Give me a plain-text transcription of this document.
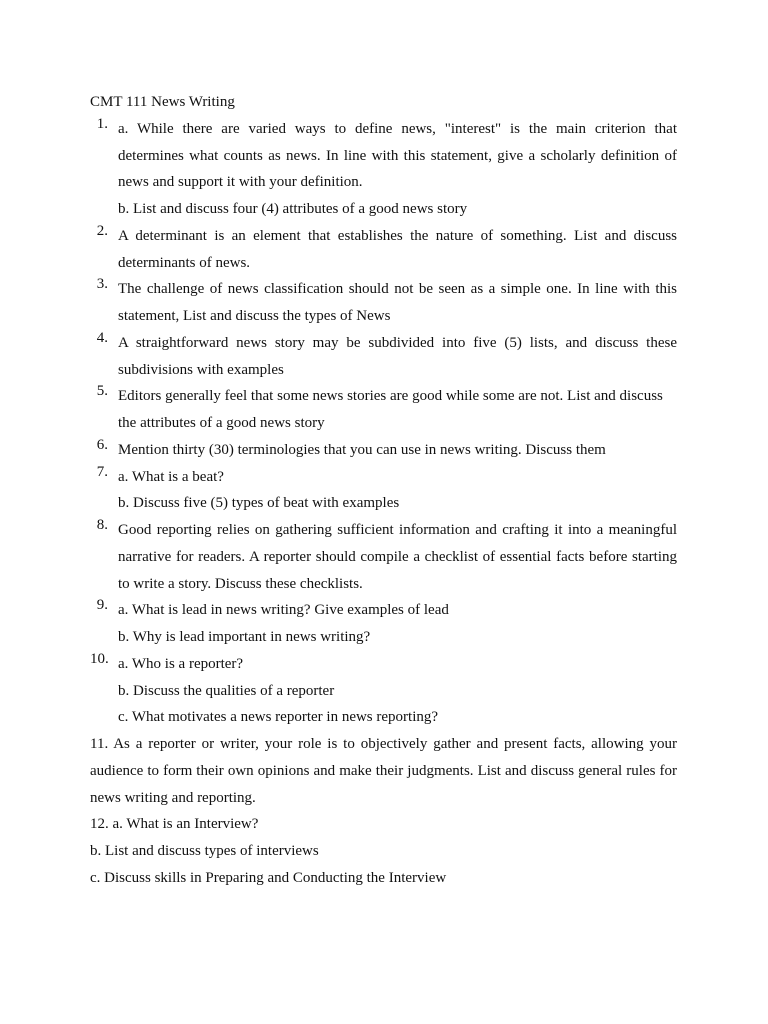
CMT 111 News Writing
1. a. While there are varied ways to define news, "interest" is the main criterion that
determines what counts as news. In line with this statement, give a scholarly definition of
news and support it with your definition.
b. List and discuss four (4) attributes of a good news story
2. A determinant is an element that establishes the nature of something. List and discuss
determinants of news.
3. The challenge of news classification should not be seen as a simple one. In line with this
statement, List and discuss the types of News
4. A straightforward news story may be subdivided into five (5) lists, and discuss these
subdivisions with examples
5. Editors generally feel that some news stories are good while some are not. List and discuss
the attributes of a good news story
6. Mention thirty (30) terminologies that you can use in news writing. Discuss them
7. a. What is a beat?
b. Discuss five (5) types of beat with examples
8. Good reporting relies on gathering sufficient information and crafting it into a meaningful
narrative for readers. A reporter should compile a checklist of essential facts before starting
to write a story. Discuss these checklists.
9. a. What is lead in news writing? Give examples of lead
b. Why is lead important in news writing?
10. a. Who is a reporter?
b. Discuss the qualities of a reporter
c. What motivates a news reporter in news reporting?
11. As a reporter or writer, your role is to objectively gather and present facts, allowing your
audience to form their own opinions and make their judgments. List and discuss general rules for
news writing and reporting.
12. a. What is an Interview?
b. List and discuss types of interviews
c. Discuss skills in Preparing and Conducting the Interview
